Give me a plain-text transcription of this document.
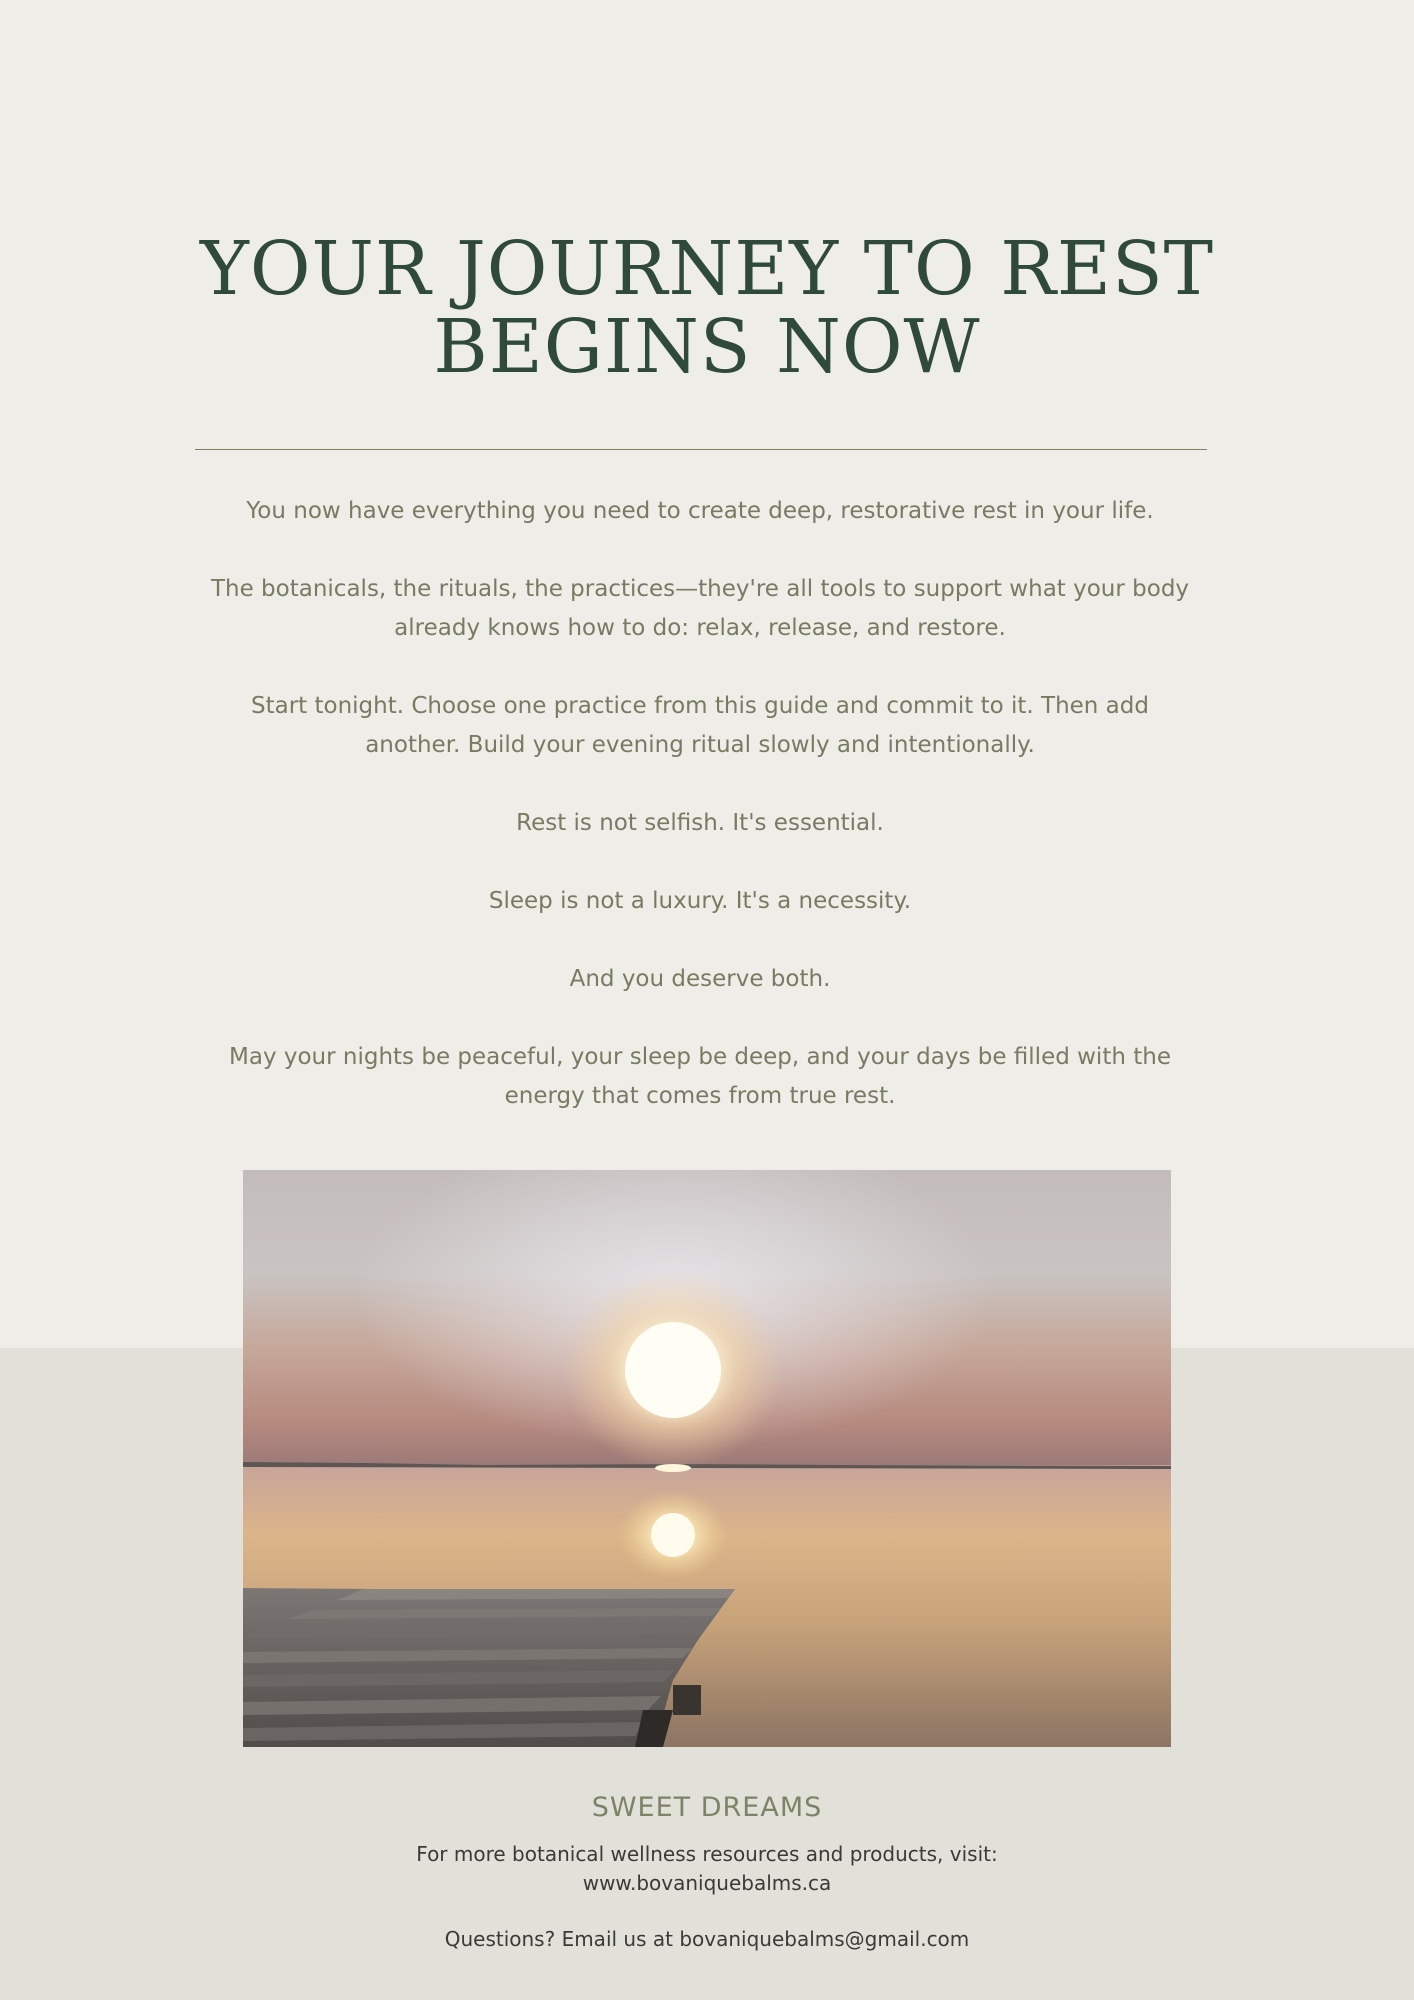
YOUR JOURNEY TO REST BEGINS NOW

You now have everything you need to create deep, restorative rest in your life.

The botanicals, the rituals, the practices—they're all tools to support what your body already knows how to do: relax, release, and restore.

Start tonight. Choose one practice from this guide and commit to it. Then add another. Build your evening ritual slowly and intentionally.

Rest is not selfish. It's essential.

Sleep is not a luxury. It's a necessity.

And you deserve both.

May your nights be peaceful, your sleep be deep, and your days be filled with the energy that comes from true rest.

SWEET DREAMS
For more botanical wellness resources and products, visit:
www.bovaniquebalms.ca
Questions? Email us at bovaniquebalms@gmail.com
